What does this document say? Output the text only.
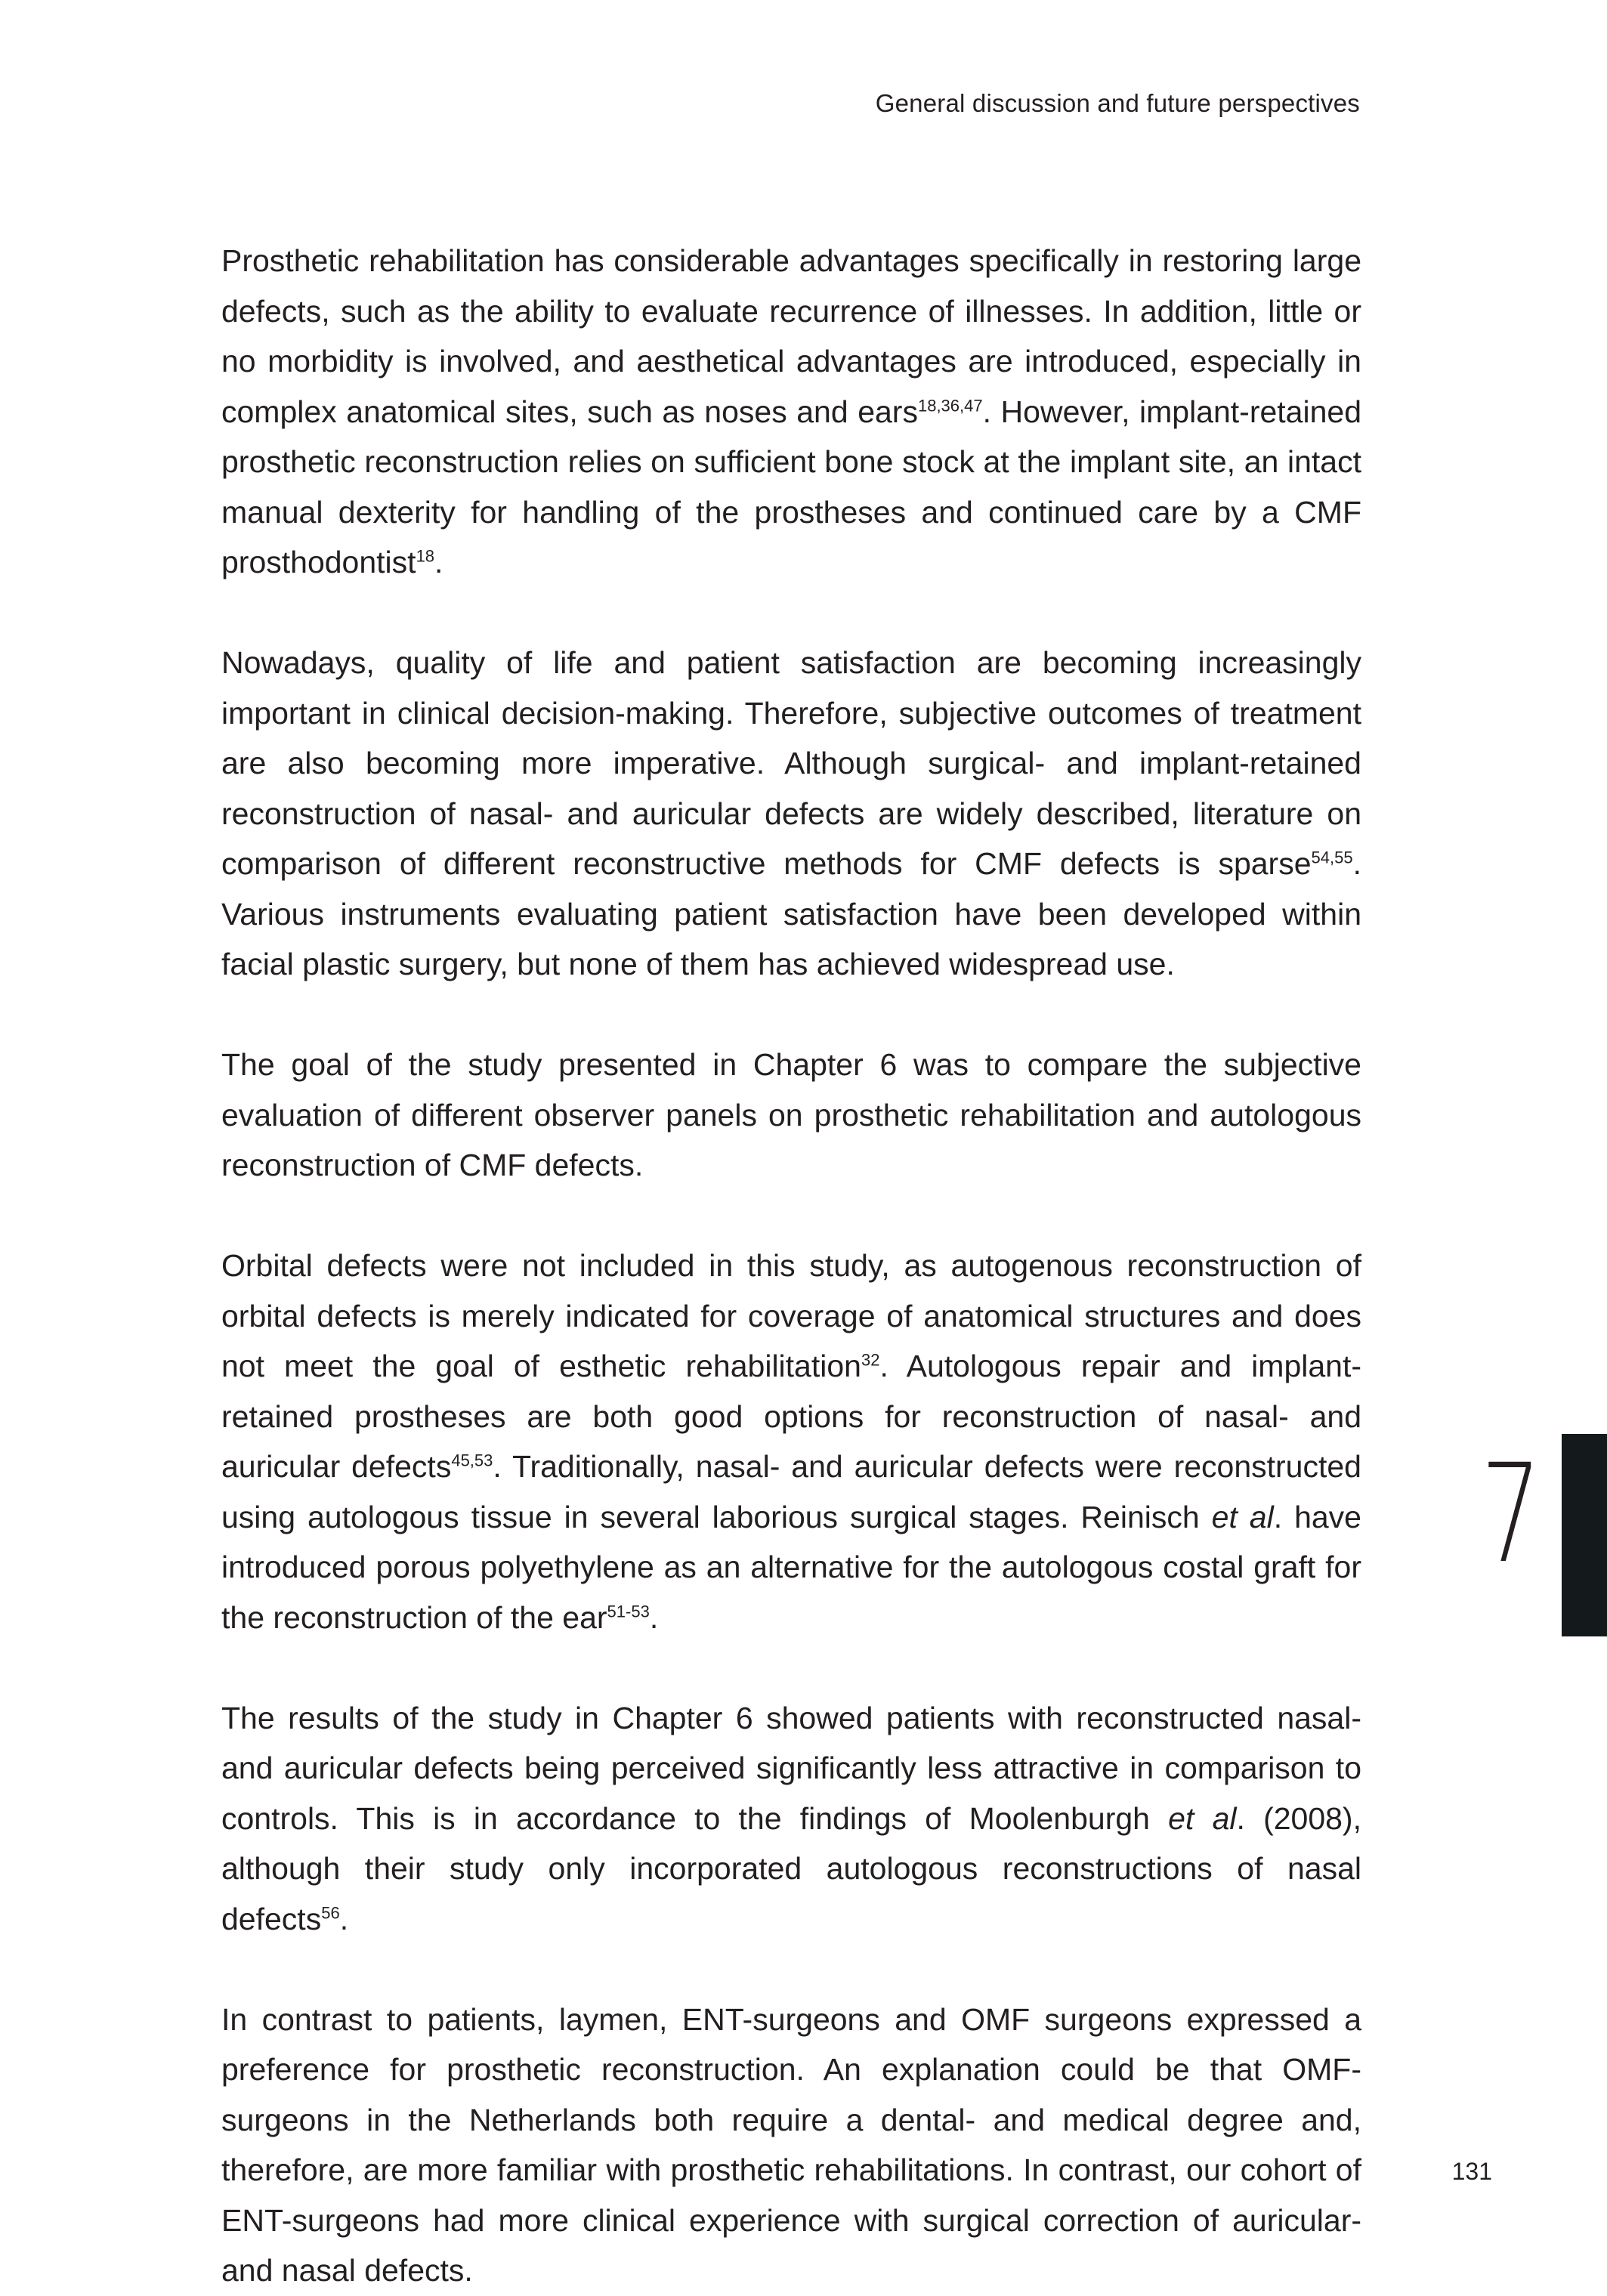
General discussion and future perspectives

Prosthetic rehabilitation has considerable advantages specifically in restoring large defects, such as the ability to evaluate recurrence of illnesses. In addition, little or no morbidity is involved, and aesthetical advantages are introduced, especially in complex anatomical sites, such as noses and ears$^{18,36,47}$. However, implant-retained prosthetic reconstruction relies on sufficient bone stock at the implant site, an intact manual dexterity for handling of the prostheses and continued care by a CMF prosthodontist$^{18}$.

Nowadays, quality of life and patient satisfaction are becoming increasingly important in clinical decision-making. Therefore, subjective outcomes of treatment are also becoming more imperative. Although surgical- and implant-retained reconstruction of nasal- and auricular defects are widely described, literature on comparison of different reconstructive methods for CMF defects is sparse$^{54,55}$. Various instruments evaluating patient satisfaction have been developed within facial plastic surgery, but none of them has achieved widespread use.

The goal of the study presented in Chapter 6 was to compare the subjective evaluation of different observer panels on prosthetic rehabilitation and autologous reconstruction of CMF defects.

Orbital defects were not included in this study, as autogenous reconstruction of orbital defects is merely indicated for coverage of anatomical structures and does not meet the goal of esthetic rehabilitation$^{32}$. Autologous repair and implant-retained prostheses are both good options for reconstruction of nasal- and auricular defects$^{45,53}$. Traditionally, nasal- and auricular defects were reconstructed using autologous tissue in several laborious surgical stages. Reinisch et al. have introduced porous polyethylene as an alternative for the autologous costal graft for the reconstruction of the ear$^{51-53}$.

The results of the study in Chapter 6 showed patients with reconstructed nasal- and auricular defects being perceived significantly less attractive in comparison to controls. This is in accordance to the findings of Moolenburgh et al. (2008), although their study only incorporated autologous reconstructions of nasal defects$^{56}$.

In contrast to patients, laymen, ENT-surgeons and OMF surgeons expressed a preference for prosthetic reconstruction. An explanation could be that OMF-surgeons in the Netherlands both require a dental- and medical degree and, therefore, are more familiar with prosthetic rehabilitations. In contrast, our cohort of ENT-surgeons had more clinical experience with surgical correction of auricular- and nasal defects.

7
131
